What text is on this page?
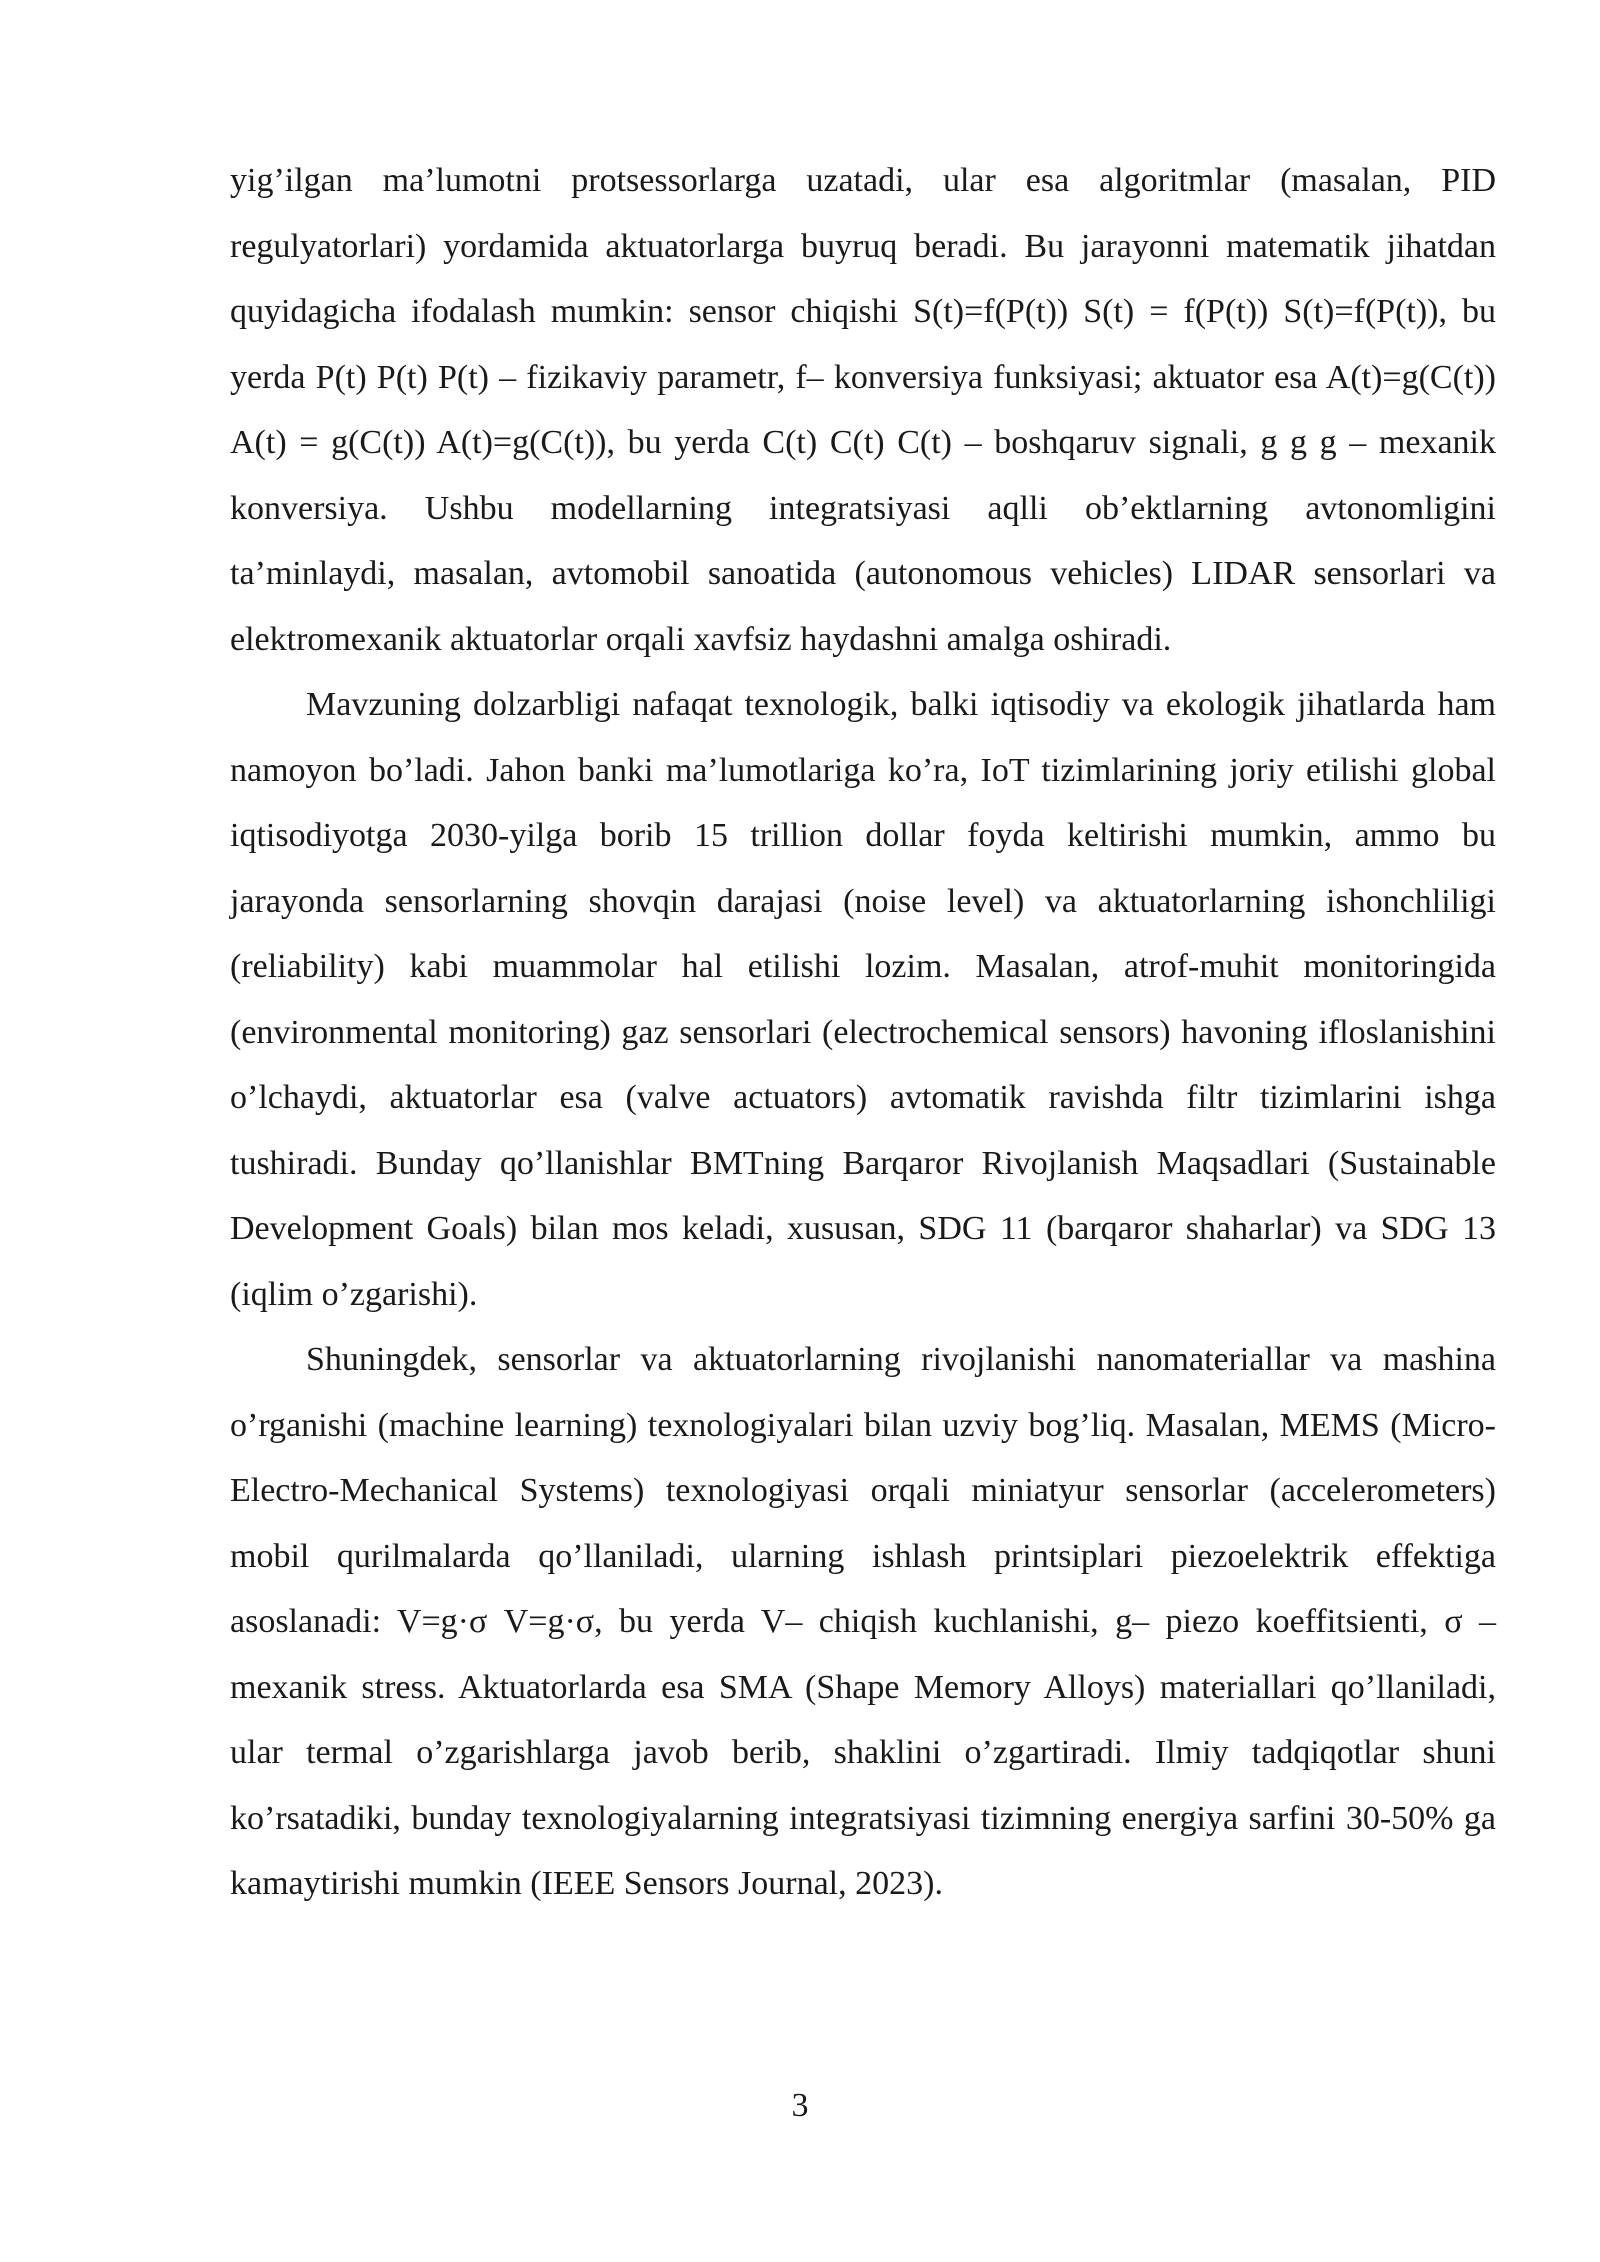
yig’ilgan ma’lumotni protsessorlarga uzatadi, ular esa algoritmlar (masalan, PID regulyatorlari) yordamida aktuatorlarga buyruq beradi. Bu jarayonni matematik jihatdan quyidagicha ifodalash mumkin: sensor chiqishi S(t)=f(P(t)) S(t) = f(P(t)) S(t)=f(P(t)), bu yerda P(t) P(t) P(t) – fizikaviy parametr, f– konversiya funksiyasi; aktuator esa A(t)=g(C(t)) A(t) = g(C(t)) A(t)=g(C(t)), bu yerda C(t) C(t) C(t) – boshqaruv signali, g g g – mexanik konversiya. Ushbu modellarning integratsiyasi aqlli ob’ektlarning avtonomligini ta’minlaydi, masalan, avtomobil sanoatida (autonomous vehicles) LIDAR sensorlari va elektromexanik aktuatorlar orqali xavfsiz haydashni amalga oshiradi.

Mavzuning dolzarbligi nafaqat texnologik, balki iqtisodiy va ekologik jihatlarda ham namoyon bo’ladi. Jahon banki ma’lumotlariga ko’ra, IoT tizimlarining joriy etilishi global iqtisodiyotga 2030-yilga borib 15 trillion dollar foyda keltirishi mumkin, ammo bu jarayonda sensorlarning shovqin darajasi (noise level) va aktuatorlarning ishonchliligi (reliability) kabi muammolar hal etilishi lozim. Masalan, atrof-muhit monitoringida (environmental monitoring) gaz sensorlari (electrochemical sensors) havoning ifloslanishini o’lchaydi, aktuatorlar esa (valve actuators) avtomatik ravishda filtr tizimlarini ishga tushiradi. Bunday qo’llanishlar BMTning Barqaror Rivojlanish Maqsadlari (Sustainable Development Goals) bilan mos keladi, xususan, SDG 11 (barqaror shaharlar) va SDG 13 (iqlim o’zgarishi).

Shuningdek, sensorlar va aktuatorlarning rivojlanishi nanomateriallar va mashina o’rganishi (machine learning) texnologiyalari bilan uzviy bog’liq. Masalan, MEMS (Micro-Electro-Mechanical Systems) texnologiyasi orqali miniatyur sensorlar (accelerometers) mobil qurilmalarda qo’llaniladi, ularning ishlash printsiplari piezoelektrik effektiga asoslanadi: V=g·σ V=g·σ, bu yerda V– chiqish kuchlanishi, g– piezo koeffitsienti, σ – mexanik stress. Aktuatorlarda esa SMA (Shape Memory Alloys) materiallari qo’llaniladi, ular termal o’zgarishlarga javob berib, shaklini o’zgartiradi. Ilmiy tadqiqotlar shuni ko’rsatadiki, bunday texnologiyalarning integratsiyasi tizimning energiya sarfini 30-50% ga kamaytirishi mumkin (IEEE Sensors Journal, 2023).

3
